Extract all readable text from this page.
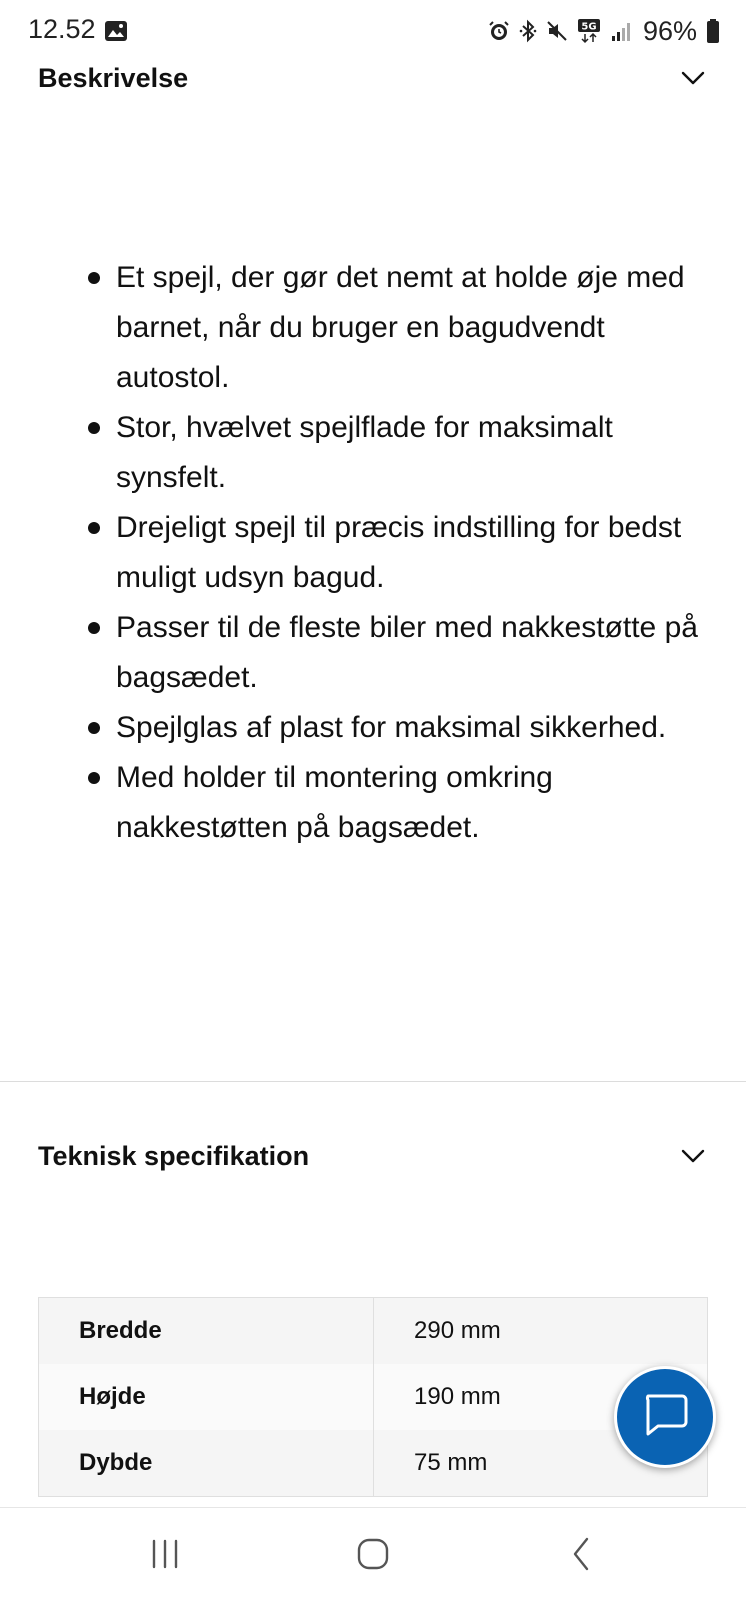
12.52	5G 96%
Beskrivelse
Et spejl, der gør det nemt at holde øje med barnet, når du bruger en bagudvendt autostol.
Stor, hvælvet spejlflade for maksimalt synsfelt.
Drejeligt spejl til præcis indstilling for bedst muligt udsyn bagud.
Passer til de fleste biler med nakkestøtte på bagsædet.
Spejlglas af plast for maksimal sikkerhed.
Med holder til montering omkring nakkestøtten på bagsædet.
Teknisk specifikation
Bredde	290 mm
Højde	190 mm
Dybde	75 mm
